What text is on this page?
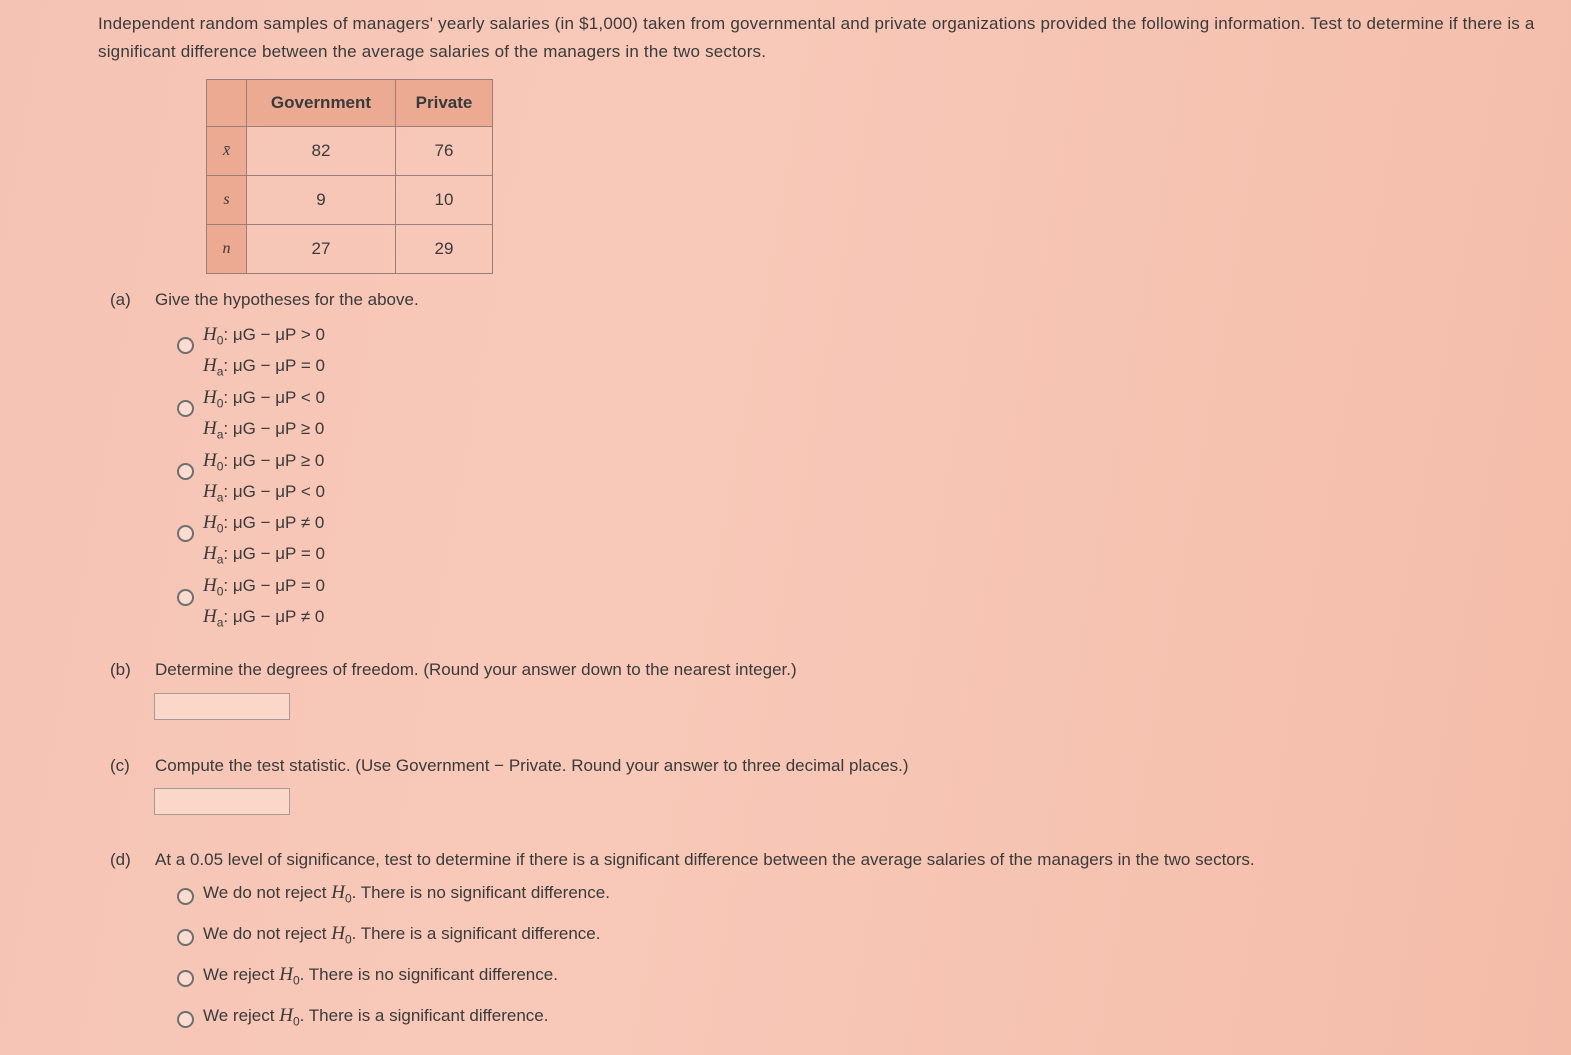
Independent random samples of managers' yearly salaries (in $1,000) taken from governmental and private organizations provided the following information. Test to determine if there is a significant difference between the average salaries of the managers in the two sectors.
	Government	Private
x̄	82	76
s	9	10
n	27	29
(a) Give the hypotheses for the above.
$H_0$: μG − μP > 0
$H_a$: μG − μP = 0
$H_0$: μG − μP < 0
$H_a$: μG − μP ≥ 0
$H_0$: μG − μP ≥ 0
$H_a$: μG − μP < 0
$H_0$: μG − μP ≠ 0
$H_a$: μG − μP = 0
$H_0$: μG − μP = 0
$H_a$: μG − μP ≠ 0
(b) Determine the degrees of freedom. (Round your answer down to the nearest integer.)
(c) Compute the test statistic. (Use Government − Private. Round your answer to three decimal places.)
(d) At a 0.05 level of significance, test to determine if there is a significant difference between the average salaries of the managers in the two sectors.
We do not reject $H_0$. There is no significant difference.
We do not reject $H_0$. There is a significant difference.
We reject $H_0$. There is no significant difference.
We reject $H_0$. There is a significant difference.
